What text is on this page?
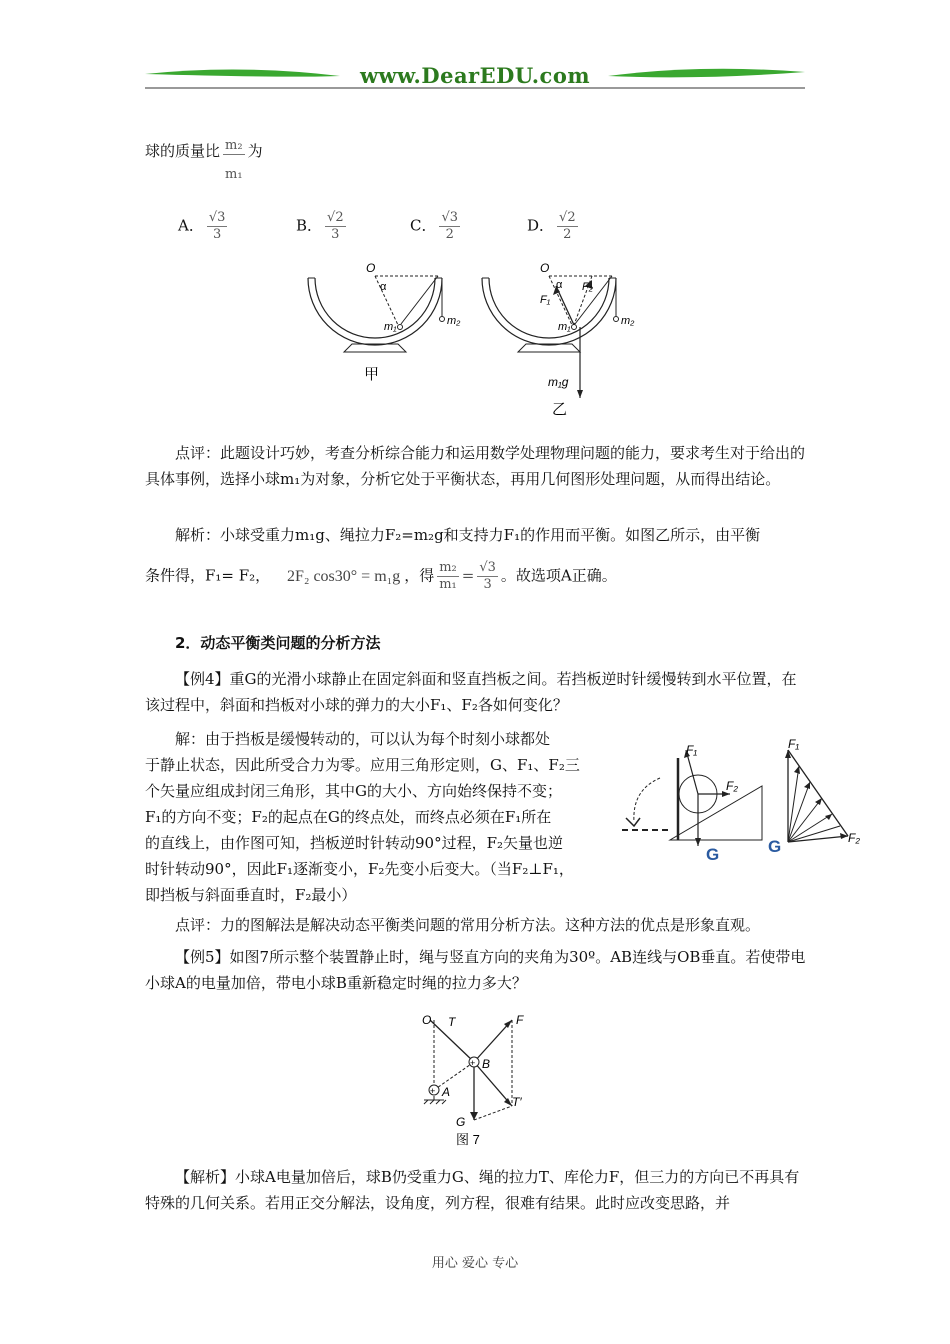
www.DearEDU.com
球的质量比 $\frac{\text{m₂}}{\text{m₁}}$ 为
A． $\frac{√3}{3}$	B． $\frac{√2}{3}$	C． $\frac{√3}{2}$	D． $\frac{√2}{2}$
O
α
m₁	m₂
甲
O
α
F₁
F₂
m₁	m₂
m₁g
乙
点评：此题设计巧妙，考查分析综合能力和运用数学处理物理问题的能力，要求考生对于给出的具体事例，选择小球m₁为对象，分析它处于平衡状态，再用几何图形处理问题，从而得出结论。
解析：小球受重力m₁g、绳拉力F₂=m₂g和支持力F₁的作用而平衡。如图乙所示，由平衡
条件得，F₁= F₂， 2F₂ cos30° = m₁g ，得 $\frac{\text{m₂}}{\text{m₁}} = \frac{√3}{3}$ 。故选项A正确。
2．动态平衡类问题的分析方法
【例4】重G的光滑小球静止在固定斜面和竖直挡板之间。若挡板逆时针缓慢转到水平位置，在该过程中，斜面和挡板对小球的弹力的大小F₁、F₂各如何变化？
解：由于挡板是缓慢转动的，可以认为每个时刻小球都处
于静止状态，因此所受合力为零。应用三角形定则，G、F₁、F₂三
个矢量应组成封闭三角形，其中G的大小、方向始终保持不变；
F₁的方向不变；F₂的起点在G的终点处，而终点必须在F₁所在
的直线上，由作图可知，挡板逆时针转动90°过程，F₂矢量也逆
时针转动90°，因此F₁逐渐变小，F₂先变小后变大。（当F₂⊥F₁，
即挡板与斜面垂直时，F₂最小）
F₁
F₂
G
F₁
F₂
G
点评：力的图解法是解决动态平衡类问题的常用分析方法。这种方法的优点是形象直观。
【例5】如图7所示整个装置静止时，绳与竖直方向的夹角为30º。AB连线与OB垂直。若使带电小球A的电量加倍，带电小球B重新稳定时绳的拉力多大？
+
+
O T	F
B
A
T′
G
图 7
【解析】小球A电量加倍后，球B仍受重力G、绳的拉力T、库伦力F，但三力的方向已不再具有特殊的几何关系。若用正交分解法，设角度，列方程，很难有结果。此时应改变思路，并
用心 爱心 专心
